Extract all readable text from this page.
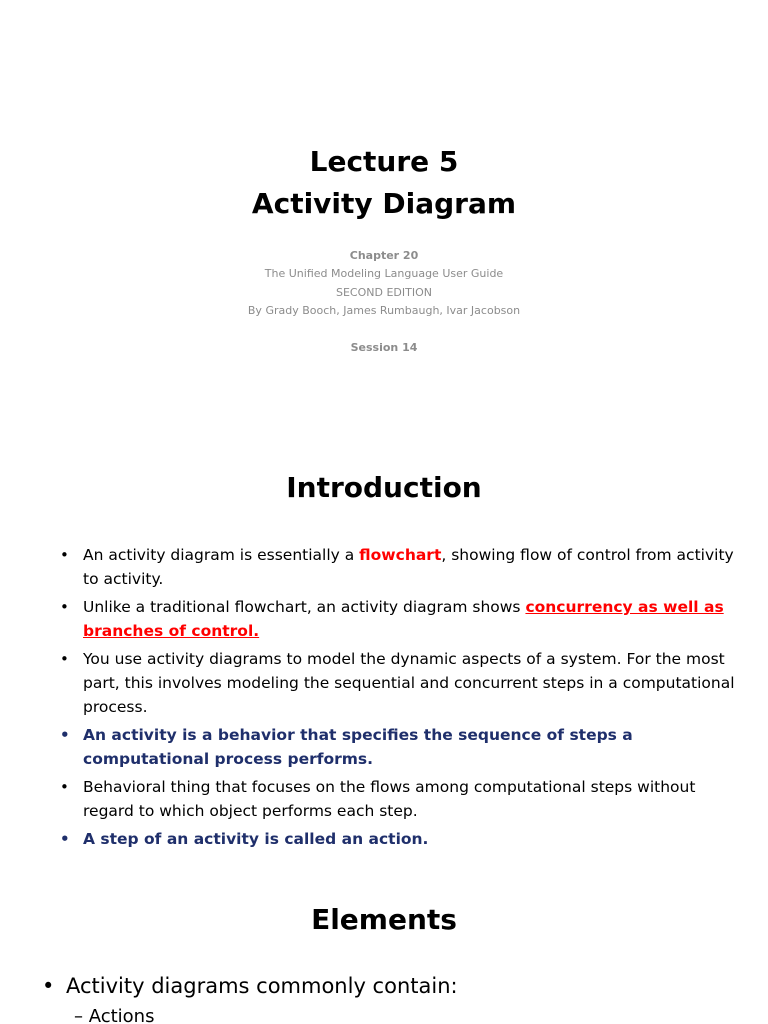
Lecture 5
Activity Diagram
Chapter 20
The Unified Modeling Language User Guide
SECOND EDITION
By Grady Booch, James Rumbaugh, Ivar Jacobson
Session 14
Introduction
• An activity diagram is essentially a flowchart, showing flow of control from activity to activity.
• Unlike a traditional flowchart, an activity diagram shows concurrency as well as branches of control.
• You use activity diagrams to model the dynamic aspects of a system. For the most part, this involves modeling the sequential and concurrent steps in a computational process.
• An activity is a behavior that specifies the sequence of steps a computational process performs.
• Behavioral thing that focuses on the flows among computational steps without regard to which object performs each step.
• A step of an activity is called an action.
Elements
• Activity diagrams commonly contain:
– Actions
